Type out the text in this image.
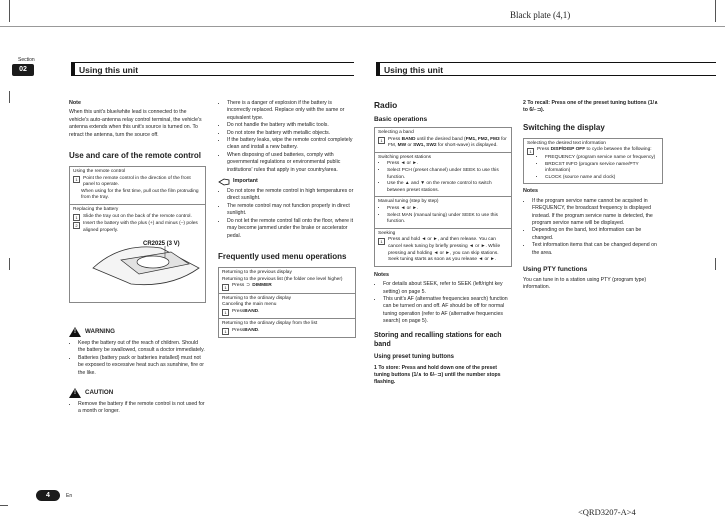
Black plate (4,1)
Section
02	Using this unit	Using this unit

Note

When this unit's blue/white lead is connected to the vehicle's auto-antenna relay control terminal, the vehicle's antenna extends when this unit's source is turned on. To retract the antenna, turn the source off.

Use and care of the remote control
Using the remote control
1	Point the remote control in the direction of the front panel to operate.
When using for the first time, pull out the film protruding from the tray.
Replacing the battery
1	Slide the tray out on the back of the remote control.
2	Insert the battery with the plus (+) and minus (–) poles aligned properly.
CR2025 (3 V)
! WARNING
• Keep the battery out of the reach of children. Should the battery be swallowed, consult a doctor immediately.
• Batteries (battery pack or batteries installed) must not be exposed to excessive heat such as sunshine, fire or the like.
! CAUTION
• Remove the battery if the remote control is not used for a month or longer.
• There is a danger of explosion if the battery is incorrectly replaced. Replace only with the same or equivalent type.
• Do not handle the battery with metallic tools.
• Do not store the battery with metallic objects.
• If the battery leaks, wipe the remote control completely clean and install a new battery.
• When disposing of used batteries, comply with governmental regulations or environmental public institutions' rules that apply in your country/area.
Important
• Do not store the remote control in high temperatures or direct sunlight.
• The remote control may not function properly in direct sunlight.
• Do not let the remote control fall onto the floor, where it may become jammed under the brake or accelerator pedal.
Frequently used menu operations
Returning to the previous display
Returning to the previous list (the folder one level higher)
1	Press ⊃ DIMMER
Returning to the ordinary display
Canceling the main menu
1	Press BAND .
Returning to the ordinary display from the list
1	Press BAND .
Radio
Basic operations
Selecting a band
1	Press BAND until the desired band (FM1, FM2, FM3 for FM, MW or SW1, SW2 for short-wave) is displayed.
Switching preset stations
• Press ◄ or ►.
• Select PCH (preset channel) under SEEK to use this function.
• Use the ▲ and ▼ on the remote control to switch between preset stations.
Manual tuning (step by step)
• Press ◄ or ►.
• Select MAN (manual tuning) under SEEK to use this function.
Seeking
1	Press and hold ◄ or ►, and then release. You can cancel seek tuning by briefly pressing ◄ or ►. While pressing and holding ◄ or ►, you can skip stations. Seek tuning starts as soon as you release ◄ or ►.
Notes
• For details about SEEK, refer to SEEK (left/right key setting) on page 5.
• This unit's AF (alternative frequencies search) function can be turned on and off. AF should be off for normal tuning operation (refer to AF (alternative frequencies search) on page 5).
Storing and recalling stations for each band
Using preset tuning buttons

1 To store: Press and hold down one of the preset tuning buttons (1/∧ to 6/⌐⊐) until the number stops flashing.

2 To recall: Press one of the preset tuning buttons (1/∧ to 6/⌐⊐).

Switching the display
Selecting the desired text information
1	Press DISP/DISP OFF to cycle between the following:
• FREQUENCY (program service name or frequency)
• BRDCST INFO (program service name/PTY information)
• CLOCK (source name and clock)
Notes
• If the program service name cannot be acquired in FREQUENCY, the broadcast frequency is displayed instead. If the program service name is detected, the program service name will be displayed.
• Depending on the band, text information can be changed.
• Text information items that can be changed depend on the area.
Using PTY functions

You can tune in to a station using PTY (program type) information.

4	En
<QRD3207-A>4
